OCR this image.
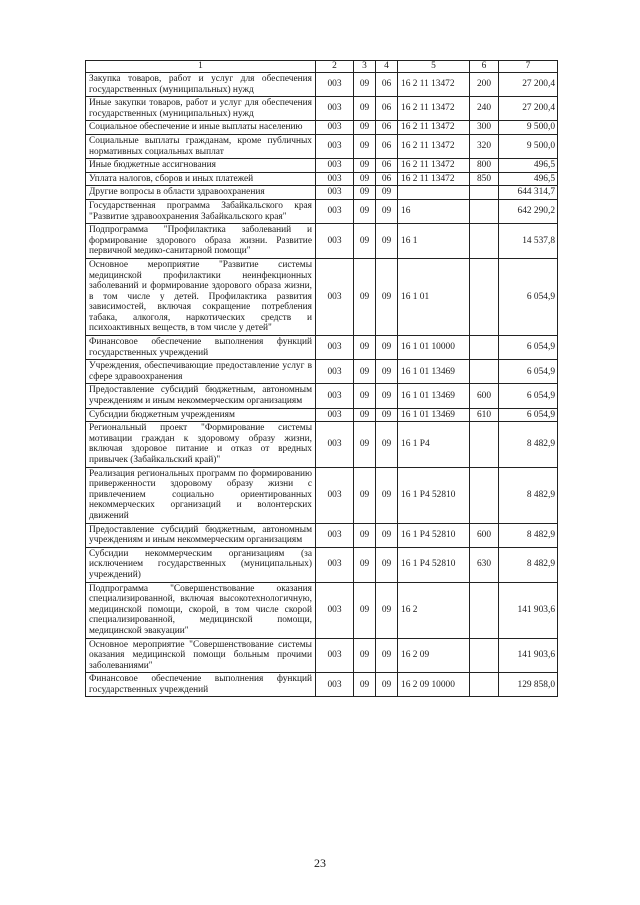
1	2	3	4	5	6	7
Закупка товаров, работ и услуг для обеспечения государственных (муниципальных) нужд	003	09	06	16 2 11 13472	200	27 200,4
Иные закупки товаров, работ и услуг для обеспечения государственных (муниципальных) нужд	003	09	06	16 2 11 13472	240	27 200,4
Социальное обеспечение и иные выплаты населению	003	09	06	16 2 11 13472	300	9 500,0
Социальные выплаты гражданам, кроме публичных нормативных социальных выплат	003	09	06	16 2 11 13472	320	9 500,0
Иные бюджетные ассигнования	003	09	06	16 2 11 13472	800	496,5
Уплата налогов, сборов и иных платежей	003	09	06	16 2 11 13472	850	496,5
Другие вопросы в области здравоохранения	003	09	09			644 314,7
Государственная программа Забайкальского края "Развитие здравоохранения Забайкальского края"	003	09	09	16		642 290,2
Подпрограмма "Профилактика заболеваний и формирование здорового образа жизни. Развитие первичной медико-санитарной помощи"	003	09	09	16 1		14 537,8
Основное мероприятие "Развитие системы медицинской профилактики неинфекционных заболеваний и формирование здорового образа жизни, в том числе у детей. Профилактика развития зависимостей, включая сокращение потребления табака, алкоголя, наркотических средств и психоактивных веществ, в том числе у детей"	003	09	09	16 1 01		6 054,9
Финансовое обеспечение выполнения функций государственных учреждений	003	09	09	16 1 01 10000		6 054,9
Учреждения, обеспечивающие предоставление услуг в сфере здравоохранения	003	09	09	16 1 01 13469		6 054,9
Предоставление субсидий бюджетным, автономным учреждениям и иным некоммерческим организациям	003	09	09	16 1 01 13469	600	6 054,9
Субсидии бюджетным учреждениям	003	09	09	16 1 01 13469	610	6 054,9
Региональный проект "Формирование системы мотивации граждан к здоровому образу жизни, включая здоровое питание и отказ от вредных привычек (Забайкальский край)"	003	09	09	16 1 P4		8 482,9
Реализация региональных программ по формированию приверженности здоровому образу жизни с привлечением социально ориентированных некоммерческих организаций и волонтерских движений	003	09	09	16 1 P4 52810		8 482,9
Предоставление субсидий бюджетным, автономным учреждениям и иным некоммерческим организациям	003	09	09	16 1 P4 52810	600	8 482,9
Субсидии некоммерческим организациям (за исключением государственных (муниципальных) учреждений)	003	09	09	16 1 P4 52810	630	8 482,9
Подпрограмма "Совершенствование оказания специализированной, включая высокотехнологичную, медицинской помощи, скорой, в том числе скорой специализированной, медицинской помощи, медицинской эвакуации"	003	09	09	16 2		141 903,6
Основное мероприятие "Совершенствование системы оказания медицинской помощи больным прочими заболеваниями"	003	09	09	16 2 09		141 903,6
Финансовое обеспечение выполнения функций государственных учреждений	003	09	09	16 2 09 10000		129 858,0
23
